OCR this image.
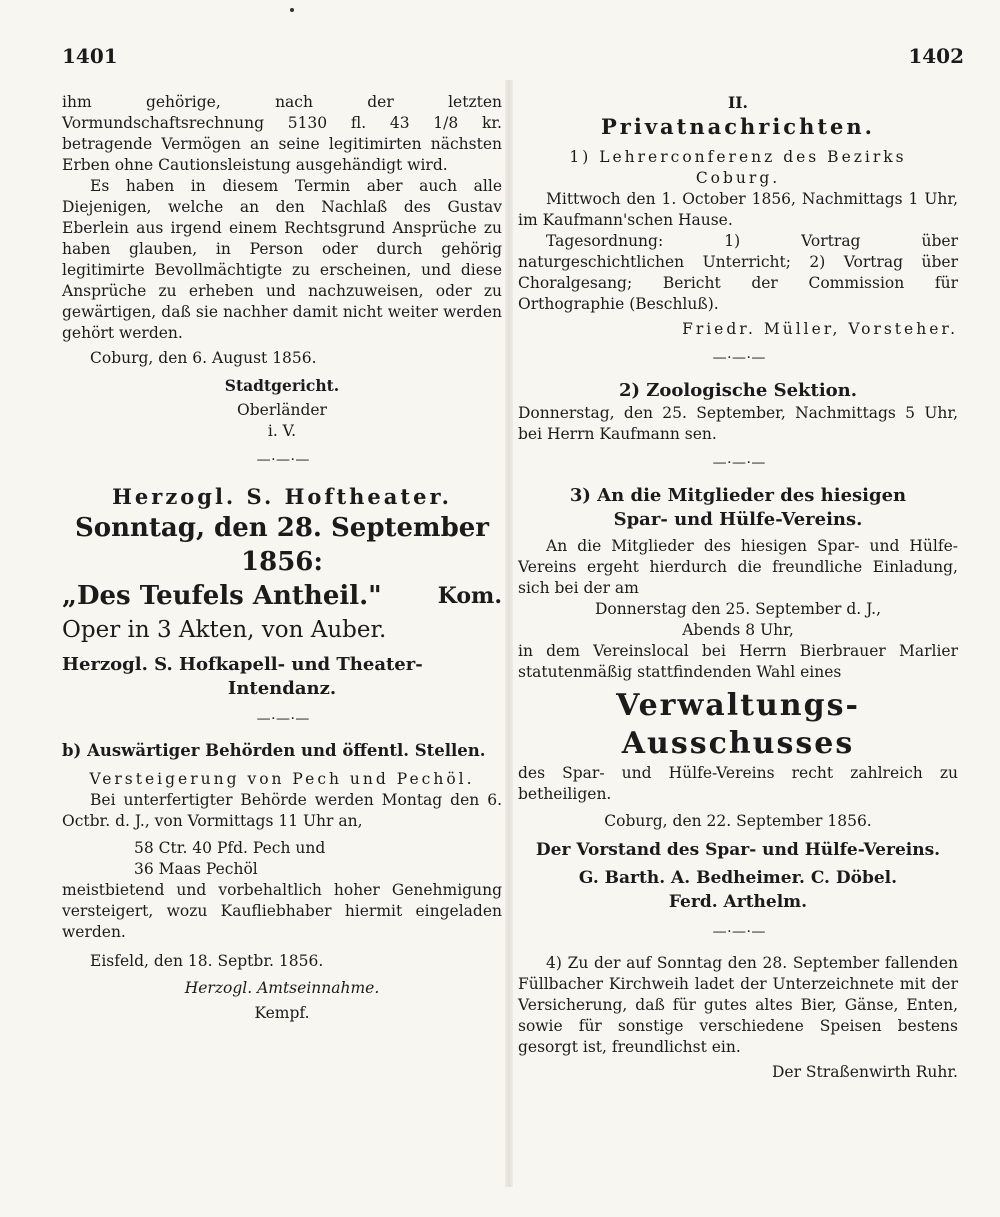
1401	1402

ihm gehörige, nach der letzten Vormundschaftsrechnung 5130 fl. 43 1/8 kr. betragende Vermögen an seine legitimirten nächsten Erben ohne Cautionsleistung ausgehändigt wird.

Es haben in diesem Termin aber auch alle Diejenigen, welche an den Nachlaß des Gustav Eberlein aus irgend einem Rechtsgrund Ansprüche zu haben glauben, in Person oder durch gehörig legitimirte Bevollmächtigte zu erscheinen, und diese Ansprüche zu erheben und nachzuweisen, oder zu gewärtigen, daß sie nachher damit nicht weiter werden gehört werden.

Coburg, den 6. August 1856.

Stadtgericht.

Oberländer

i. V.

— · — · —

Herzogl. S. Hoftheater.

Sonntag, den 28. September 1856:

„Des Teufels Antheil."	Kom.

Oper in 3 Akten, von Auber.

Herzogl. S. Hofkapell- und Theater-

Intendanz.

— · — · —

b) Auswärtiger Behörden und öffentl. Stellen.

Versteigerung von Pech und Pechöl.

Bei unterfertigter Behörde werden Montag den 6. Octbr. d. J., von Vormittags 11 Uhr an,

58 Ctr. 40 Pfd. Pech und

36 Maas Pechöl

meistbietend und vorbehaltlich hoher Genehmigung versteigert, wozu Kaufliebhaber hiermit eingeladen werden.

Eisfeld, den 18. Septbr. 1856.

Herzogl. Amtseinnahme.

Kempf.

II.

Privatnachrichten.

1) Lehrerconferenz des Bezirks

Coburg.

Mittwoch den 1. October 1856, Nachmittags 1 Uhr, im Kaufmann'schen Hause.

Tagesordnung: 1) Vortrag über naturgeschichtlichen Unterricht; 2) Vortrag über Choralgesang; Bericht der Commission für Orthographie (Beschluß).

Friedr. Müller, Vorsteher.

— · — · —

2) Zoologische Sektion.

Donnerstag, den 25. September, Nachmittags 5 Uhr, bei Herrn Kaufmann sen.

— · — · —

3) An die Mitglieder des hiesigen

Spar- und Hülfe-Vereins.

An die Mitglieder des hiesigen Spar- und Hülfe-Vereins ergeht hierdurch die freundliche Einladung, sich bei der am

Donnerstag den 25. September d. J.,

Abends 8 Uhr,

in dem Vereinslocal bei Herrn Bierbrauer Marlier statutenmäßig stattfindenden Wahl eines

Verwaltungs-Ausschusses

des Spar- und Hülfe-Vereins recht zahlreich zu betheiligen.

Coburg, den 22. September 1856.

Der Vorstand des Spar- und Hülfe-Vereins.

G. Barth. A. Bedheimer. C. Döbel.

Ferd. Arthelm.

— · — · —

4) Zu der auf Sonntag den 28. September fallenden Füllbacher Kirchweih ladet der Unterzeichnete mit der Versicherung, daß für gutes altes Bier, Gänse, Enten, sowie für sonstige verschiedene Speisen bestens gesorgt ist, freundlichst ein.

Der Straßenwirth Ruhr.
